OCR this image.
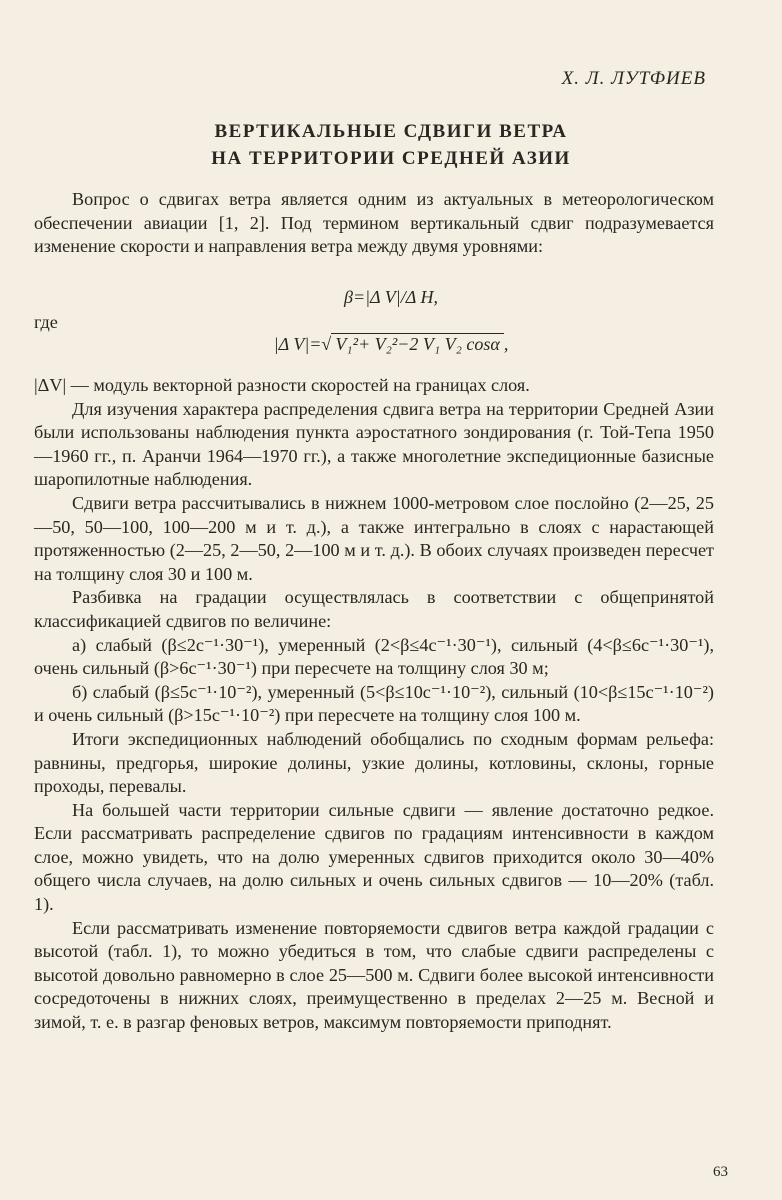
Х. Л. ЛУТФИЕВ
ВЕРТИКАЛЬНЫЕ СДВИГИ ВЕТРА
НА ТЕРРИТОРИИ СРЕДНЕЙ АЗИИ

Вопрос о сдвигах ветра является одним из актуальных в метеорологическом обеспечении авиации [1, 2]. Под термином вертикальный сдвиг подразумевается изменение скорости и направления ветра между двумя уровнями:

β=|Δ V|/Δ H,
где
|Δ V|=√ V₁²+ V₂²−2 V₁ V₂ cosα ,

|ΔV| — модуль векторной разности скоростей на границах слоя.

Для изучения характера распределения сдвига ветра на территории Средней Азии были использованы наблюдения пункта аэростатного зондирования (г. Той-Тепа 1950—1960 гг., п. Аранчи 1964—1970 гг.), а также многолетние экспедиционные базисные шаропилотные наблюдения.

Сдвиги ветра рассчитывались в нижнем 1000-метровом слое послойно (2—25, 25—50, 50—100, 100—200 м и т. д.), а также интегрально в слоях с нарастающей протяженностью (2—25, 2—50, 2—100 м и т. д.). В обоих случаях произведен пересчет на толщину слоя 30 и 100 м.

Разбивка на градации осуществлялась в соответствии с общепринятой классификацией сдвигов по величине:

а) слабый (β≤2c⁻¹·30⁻¹), умеренный (2<β≤4c⁻¹·30⁻¹), сильный (4<β≤6c⁻¹·30⁻¹), очень сильный (β>6c⁻¹·30⁻¹) при пересчете на толщину слоя 30 м;

б) слабый (β≤5c⁻¹·10⁻²), умеренный (5<β≤10c⁻¹·10⁻²), сильный (10<β≤15c⁻¹·10⁻²) и очень сильный (β>15c⁻¹·10⁻²) при пересчете на толщину слоя 100 м.

Итоги экспедиционных наблюдений обобщались по сходным формам рельефа: равнины, предгорья, широкие долины, узкие долины, котловины, склоны, горные проходы, перевалы.

На большей части территории сильные сдвиги — явление достаточно редкое. Если рассматривать распределение сдвигов по градациям интенсивности в каждом слое, можно увидеть, что на долю умеренных сдвигов приходится около 30—40% общего числа случаев, на долю сильных и очень сильных сдвигов — 10—20% (табл. 1).

Если рассматривать изменение повторяемости сдвигов ветра каждой градации с высотой (табл. 1), то можно убедиться в том, что слабые сдвиги распределены с высотой довольно равномерно в слое 25—500 м. Сдвиги более высокой интенсивности сосредоточены в нижних слоях, преимущественно в пределах 2—25 м. Весной и зимой, т. е. в разгар феновых ветров, максимум повторяемости приподнят.

63
